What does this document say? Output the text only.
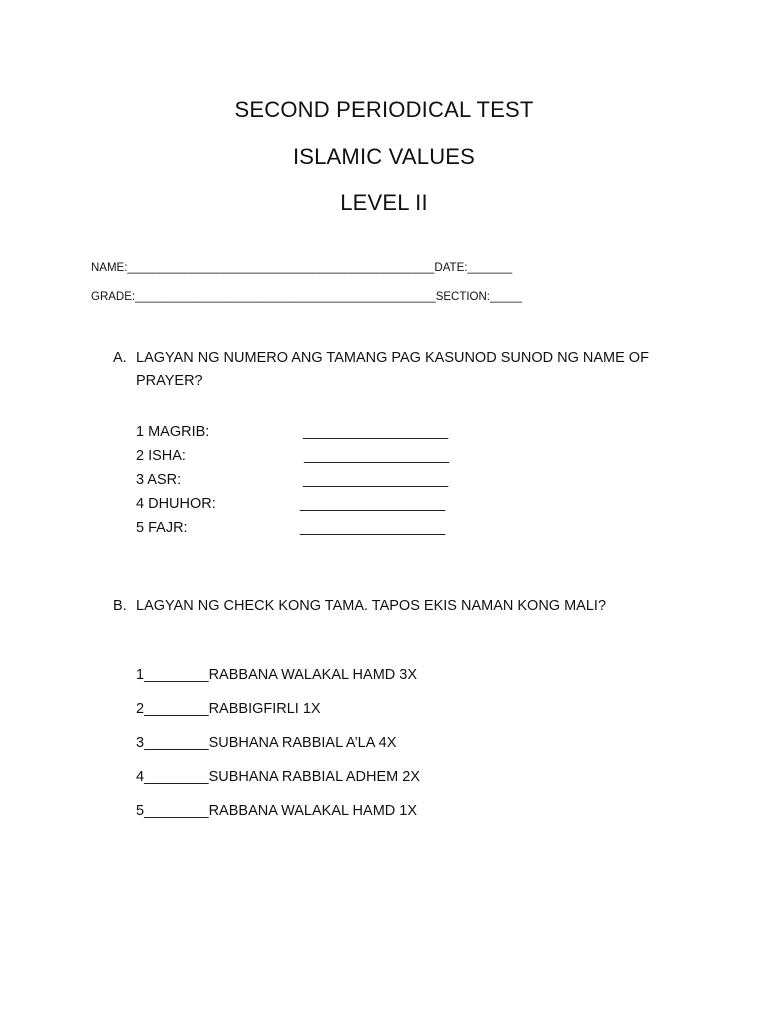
SECOND PERIODICAL TEST
ISLAMIC VALUES
LEVEL II
NAME:________________________________________________DATE:_______
GRADE:_______________________________________________SECTION:_____
A. LAGYAN NG NUMERO ANG TAMANG PAG KASUNOD SUNOD NG NAME OF PRAYER?
1 MAGRIB:	__________________
2 ISHA:	__________________
3 ASR:	__________________
4 DHUHOR:	__________________
5 FAJR:	__________________
B. LAGYAN NG CHECK KONG TAMA. TAPOS EKIS NAMAN KONG MALI?
1________RABBANA WALAKAL HAMD 3X
2________RABBIGFIRLI 1X
3________SUBHANA RABBIAL A’LA 4X
4________SUBHANA RABBIAL ADHEM 2X
5________RABBANA WALAKAL HAMD 1X
